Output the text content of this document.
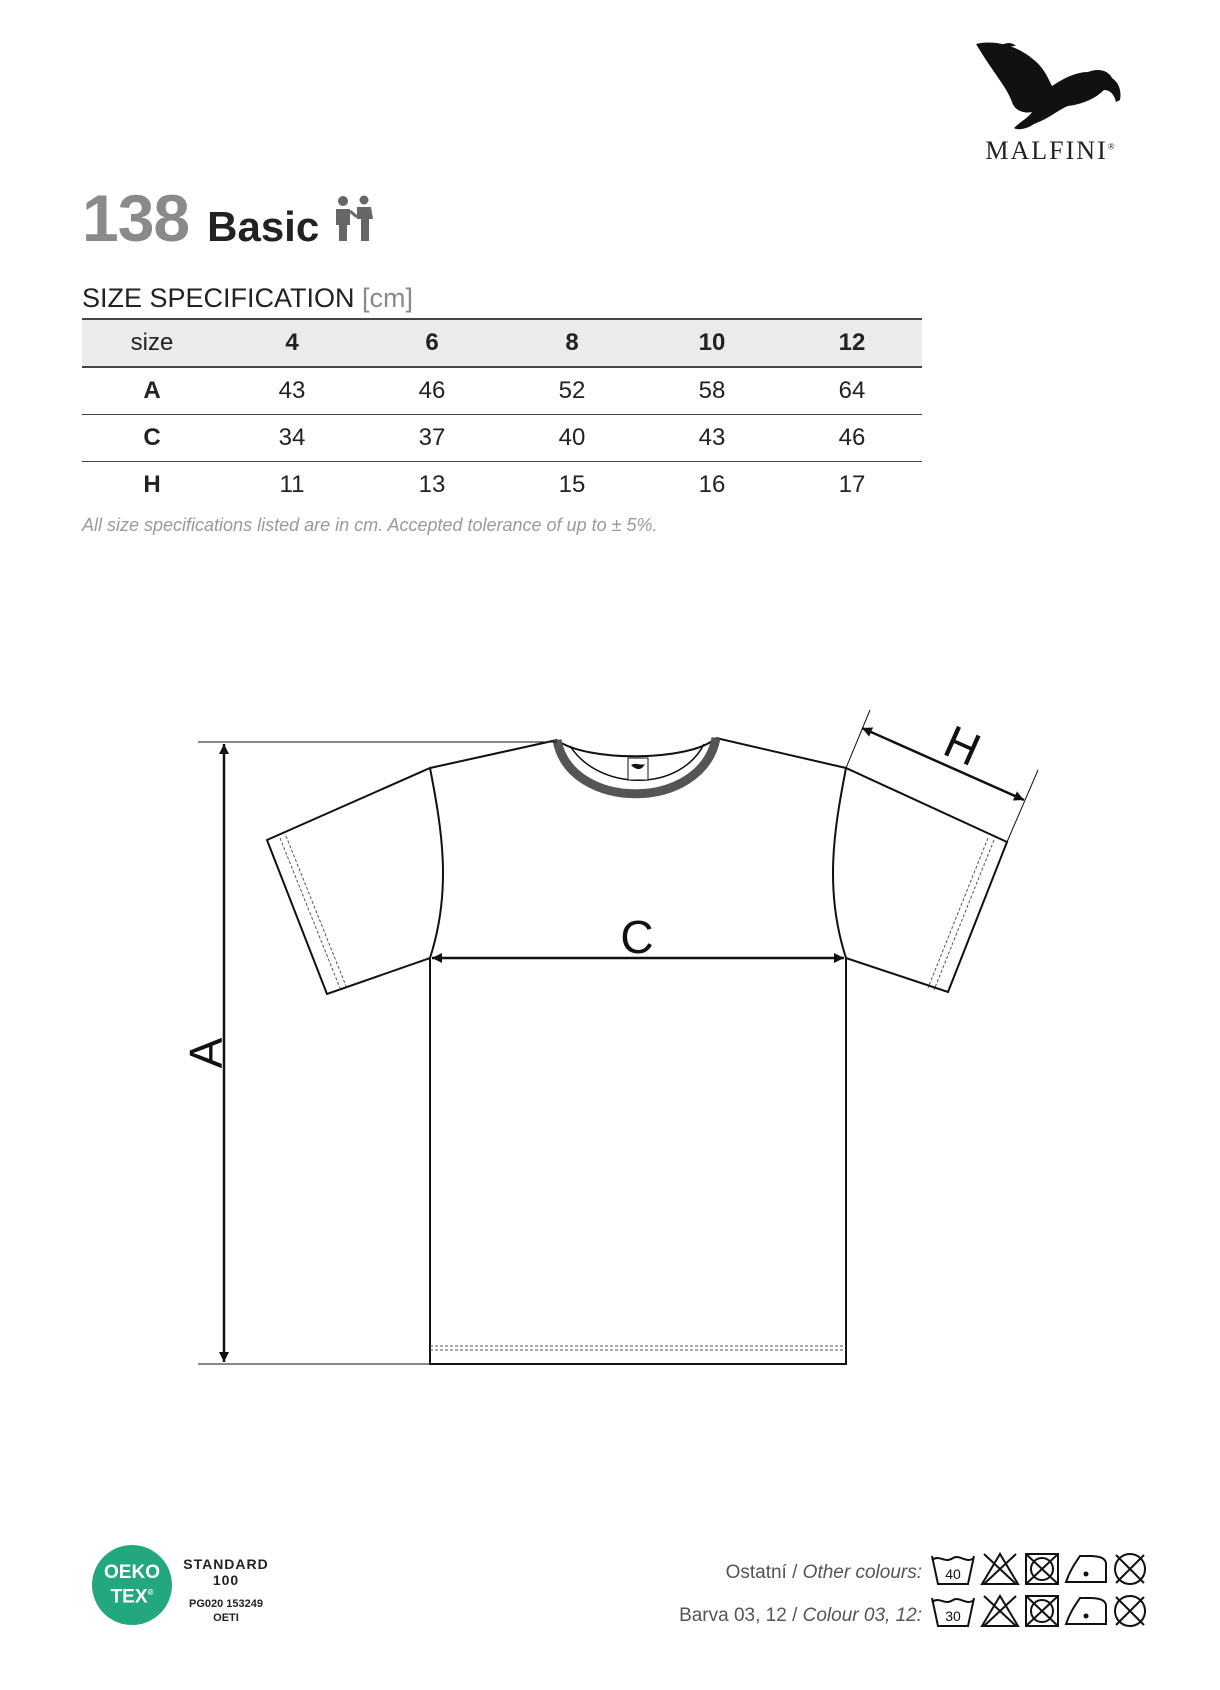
MALFINI®
138 Basic
SIZE SPECIFICATION [cm]
size	4	6	8	10	12
A	43	46	52	58	64
C	34	37	40	43	46
H	11	13	15	16	17
All size specifications listed are in cm. Accepted tolerance of up to ± 5%.
A
C
H
OEKO
TEX®
STANDARD
100
PG020 153249
OETI
Ostatní / Other colours:
Barva 03, 12 / Colour 03, 12:
40
30
